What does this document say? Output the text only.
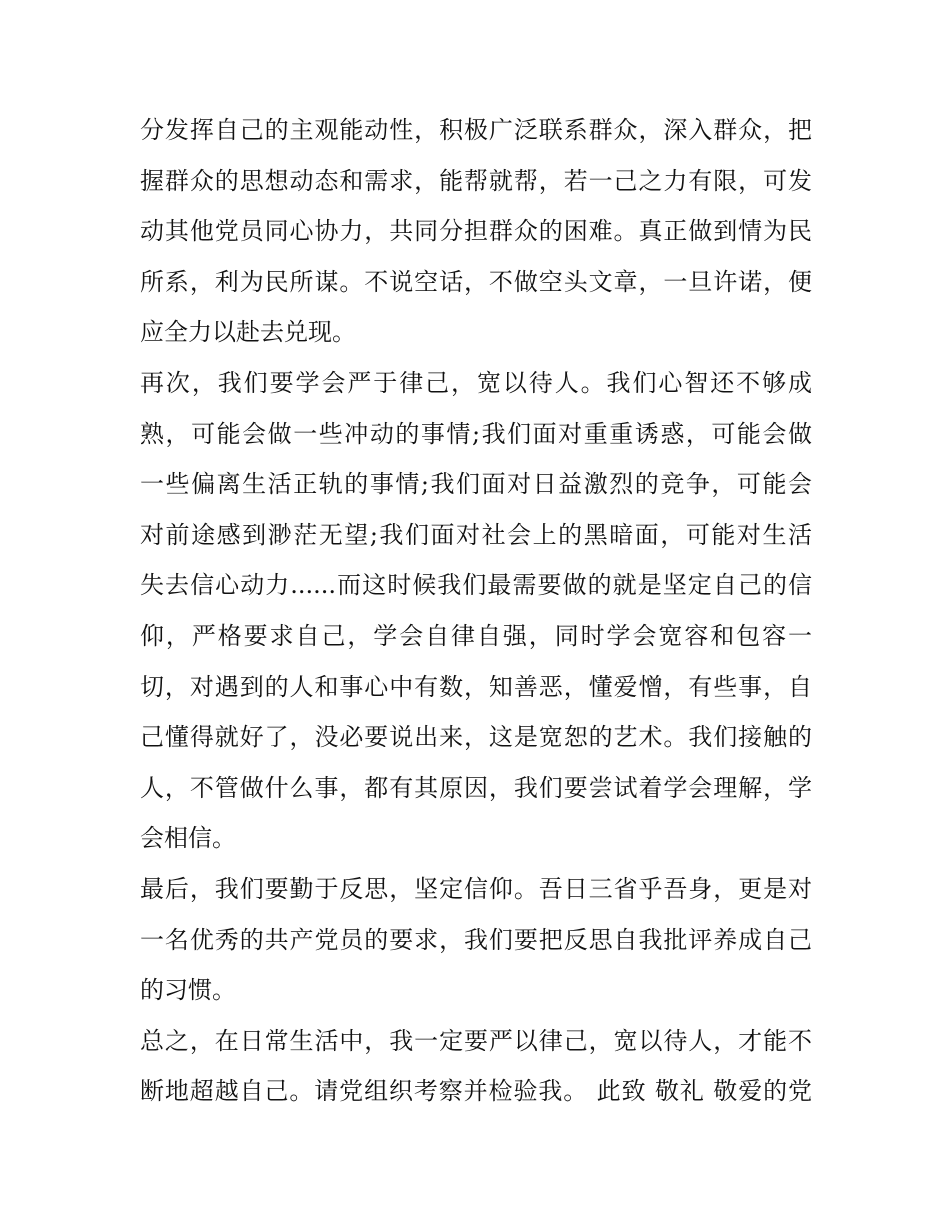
分发挥自己的主观能动性，积极广泛联系群众，深入群众，把
握群众的思想动态和需求，能帮就帮，若一己之力有限，可发
动其他党员同心协力，共同分担群众的困难。真正做到情为民
所系，利为民所谋。不说空话，不做空头文章，一旦许诺，便
应全力以赴去兑现。
再次，我们要学会严于律己，宽以待人。我们心智还不够成
熟，可能会做一些冲动的事情;我们面对重重诱惑，可能会做
一些偏离生活正轨的事情;我们面对日益激烈的竞争，可能会
对前途感到渺茫无望;我们面对社会上的黑暗面，可能对生活
失去信心动力......而这时候我们最需要做的就是坚定自己的信
仰，严格要求自己，学会自律自强，同时学会宽容和包容一
切，对遇到的人和事心中有数，知善恶，懂爱憎，有些事，自
己懂得就好了，没必要说出来，这是宽恕的艺术。我们接触的
人，不管做什么事，都有其原因，我们要尝试着学会理解，学
会相信。
最后，我们要勤于反思，坚定信仰。吾日三省乎吾身，更是对
一名优秀的共产党员的要求，我们要把反思自我批评养成自己
的习惯。
总之，在日常生活中，我一定要严以律己，宽以待人，才能不
断地超越自己。请党组织考察并检验我。 此致 敬礼 敬爱的党
